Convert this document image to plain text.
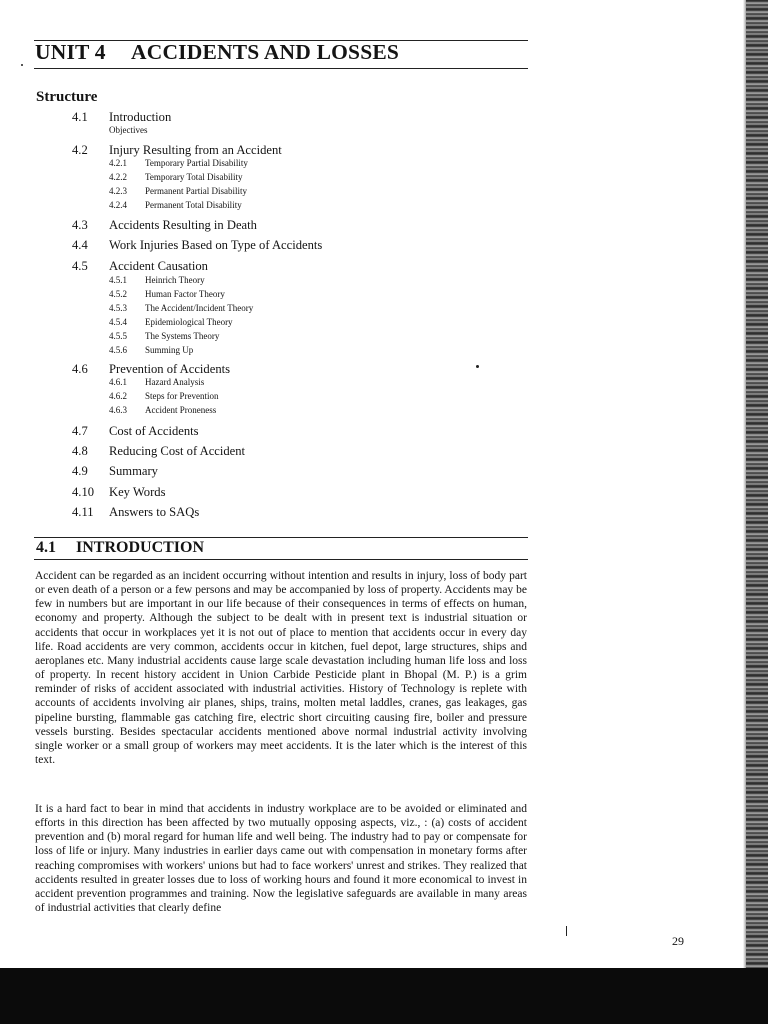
UNIT 4 ACCIDENTS AND LOSSES
Structure
4.1 Introduction
Objectives
4.2 Injury Resulting from an Accident
4.2.1 Temporary Partial Disability
4.2.2 Temporary Total Disability
4.2.3 Permanent Partial Disability
4.2.4 Permanent Total Disability
4.3 Accidents Resulting in Death
4.4 Work Injuries Based on Type of Accidents
4.5 Accident Causation
4.5.1 Heinrich Theory
4.5.2 Human Factor Theory
4.5.3 The Accident/Incident Theory
4.5.4 Epidemiological Theory
4.5.5 The Systems Theory
4.5.6 Summing Up
4.6 Prevention of Accidents
4.6.1 Hazard Analysis
4.6.2 Steps for Prevention
4.6.3 Accident Proneness
4.7 Cost of Accidents
4.8 Reducing Cost of Accident
4.9 Summary
4.10 Key Words
4.11 Answers to SAQs
4.1 INTRODUCTION

Accident can be regarded as an incident occurring without intention and results in injury, loss of body part or even death of a person or a few persons and may be accompanied by loss of property. Accidents may be few in numbers but are important in our life because of their consequences in terms of effects on human, economy and property. Although the subject to be dealt with in present text is industrial situation or accidents that occur in workplaces yet it is not out of place to mention that accidents occur in every day life. Road accidents are very common, accidents occur in kitchen, fuel depot, large structures, ships and aeroplanes etc. Many industrial accidents cause large scale devastation including human life loss and loss of property. In recent history accident in Union Carbide Pesticide plant in Bhopal (M. P.) is a grim reminder of risks of accident associated with industrial activities. History of Technology is replete with accounts of accidents involving air planes, ships, trains, molten metal laddles, cranes, gas leakages, gas pipeline bursting, flammable gas catching fire, electric short circuiting causing fire, boiler and pressure vessels bursting. Besides spectacular accidents mentioned above normal industrial activity involving single worker or a small group of workers may meet accidents. It is the later which is the interest of this text.

It is a hard fact to bear in mind that accidents in industry workplace are to be avoided or eliminated and efforts in this direction has been affected by two mutually opposing aspects, viz., : (a) costs of accident prevention and (b) moral regard for human life and well being. The industry had to pay or compensate for loss of life or injury. Many industries in earlier days came out with compensation in monetary forms after reaching compromises with workers' unions but had to face workers' unrest and strikes. They realized that accidents resulted in greater losses due to loss of working hours and found it more economical to invest in accident prevention programmes and training. Now the legislative safeguards are available in many areas of industrial activities that clearly define

29
